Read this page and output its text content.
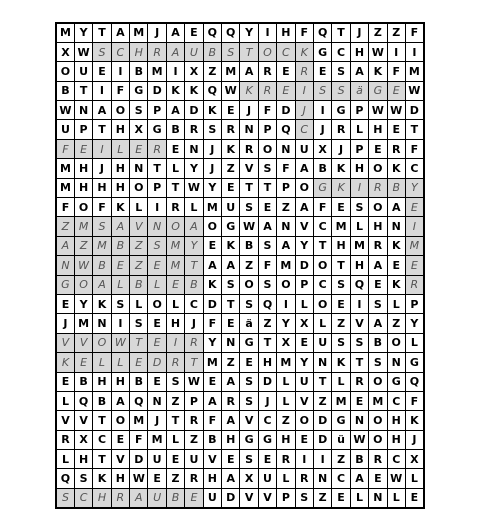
M	Y	T	A	M	J	A	E	Q	Q	Y	I	H	F	Q	T	J	Z	Z	F
X	W	S	C	H	R	A	U	B	S	T	O	C	K	G	C	H	W	I	I
O	U	E	I	B	M	I	X	Z	M	A	R	E	R	E	S	A	K	F	M
B	T	I	F	G	D	K	K	Q	W	K	R	E	I	S	S	ä	G	E	W
W	N	A	O	S	P	A	D	K	E	J	F	D	J	I	G	P	W	W	D
U	P	T	H	X	G	B	R	S	R	N	P	Q	C	J	R	L	H	E	T
F	E	I	L	E	R	E	N	J	K	R	O	N	U	X	J	P	E	R	F
M	H	J	H	N	T	L	Y	J	Z	V	S	F	A	B	K	H	O	K	C
M	H	H	H	O	P	T	W	Y	E	T	T	P	O	G	K	I	R	B	Y
F	O	F	K	L	I	R	L	M	U	S	E	Z	A	F	E	S	O	A	E
Z	M	S	A	V	N	O	A	O	G	W	A	N	V	C	M	L	H	N	I
A	Z	M	B	Z	S	M	Y	E	K	B	S	A	Y	T	H	M	R	K	M
N	W	B	E	Z	E	M	T	A	A	Z	F	M	D	O	T	H	A	E	E
G	O	A	L	B	L	E	B	K	S	O	S	O	P	C	S	Q	E	K	R
E	Y	K	S	L	O	L	C	D	T	S	Q	I	L	O	E	I	S	L	P
J	M	N	I	S	E	H	J	F	E	ä	Z	Y	X	L	Z	V	A	Z	Y
V	V	O	W	T	E	I	R	Y	N	G	T	X	E	U	S	S	B	O	L
K	E	L	L	E	D	R	T	M	Z	E	H	M	Y	N	K	T	S	N	G
E	B	H	H	B	E	S	W	E	A	S	D	L	U	T	L	R	O	G	Q
L	Q	B	A	Q	N	Z	P	A	R	S	J	L	V	Z	M	E	M	C	F
V	V	T	O	M	J	T	R	F	A	V	C	Z	O	D	G	N	O	H	K
R	X	C	E	F	M	L	Z	B	H	G	G	H	E	D	ü	W	O	H	J
L	H	T	V	D	U	E	U	V	E	S	E	R	I	I	Z	B	R	C	X
Q	S	K	H	W	E	Z	R	H	A	X	U	L	R	N	C	A	E	W	L
S	C	H	R	A	U	B	E	U	D	V	V	P	S	Z	E	L	N	L	E
